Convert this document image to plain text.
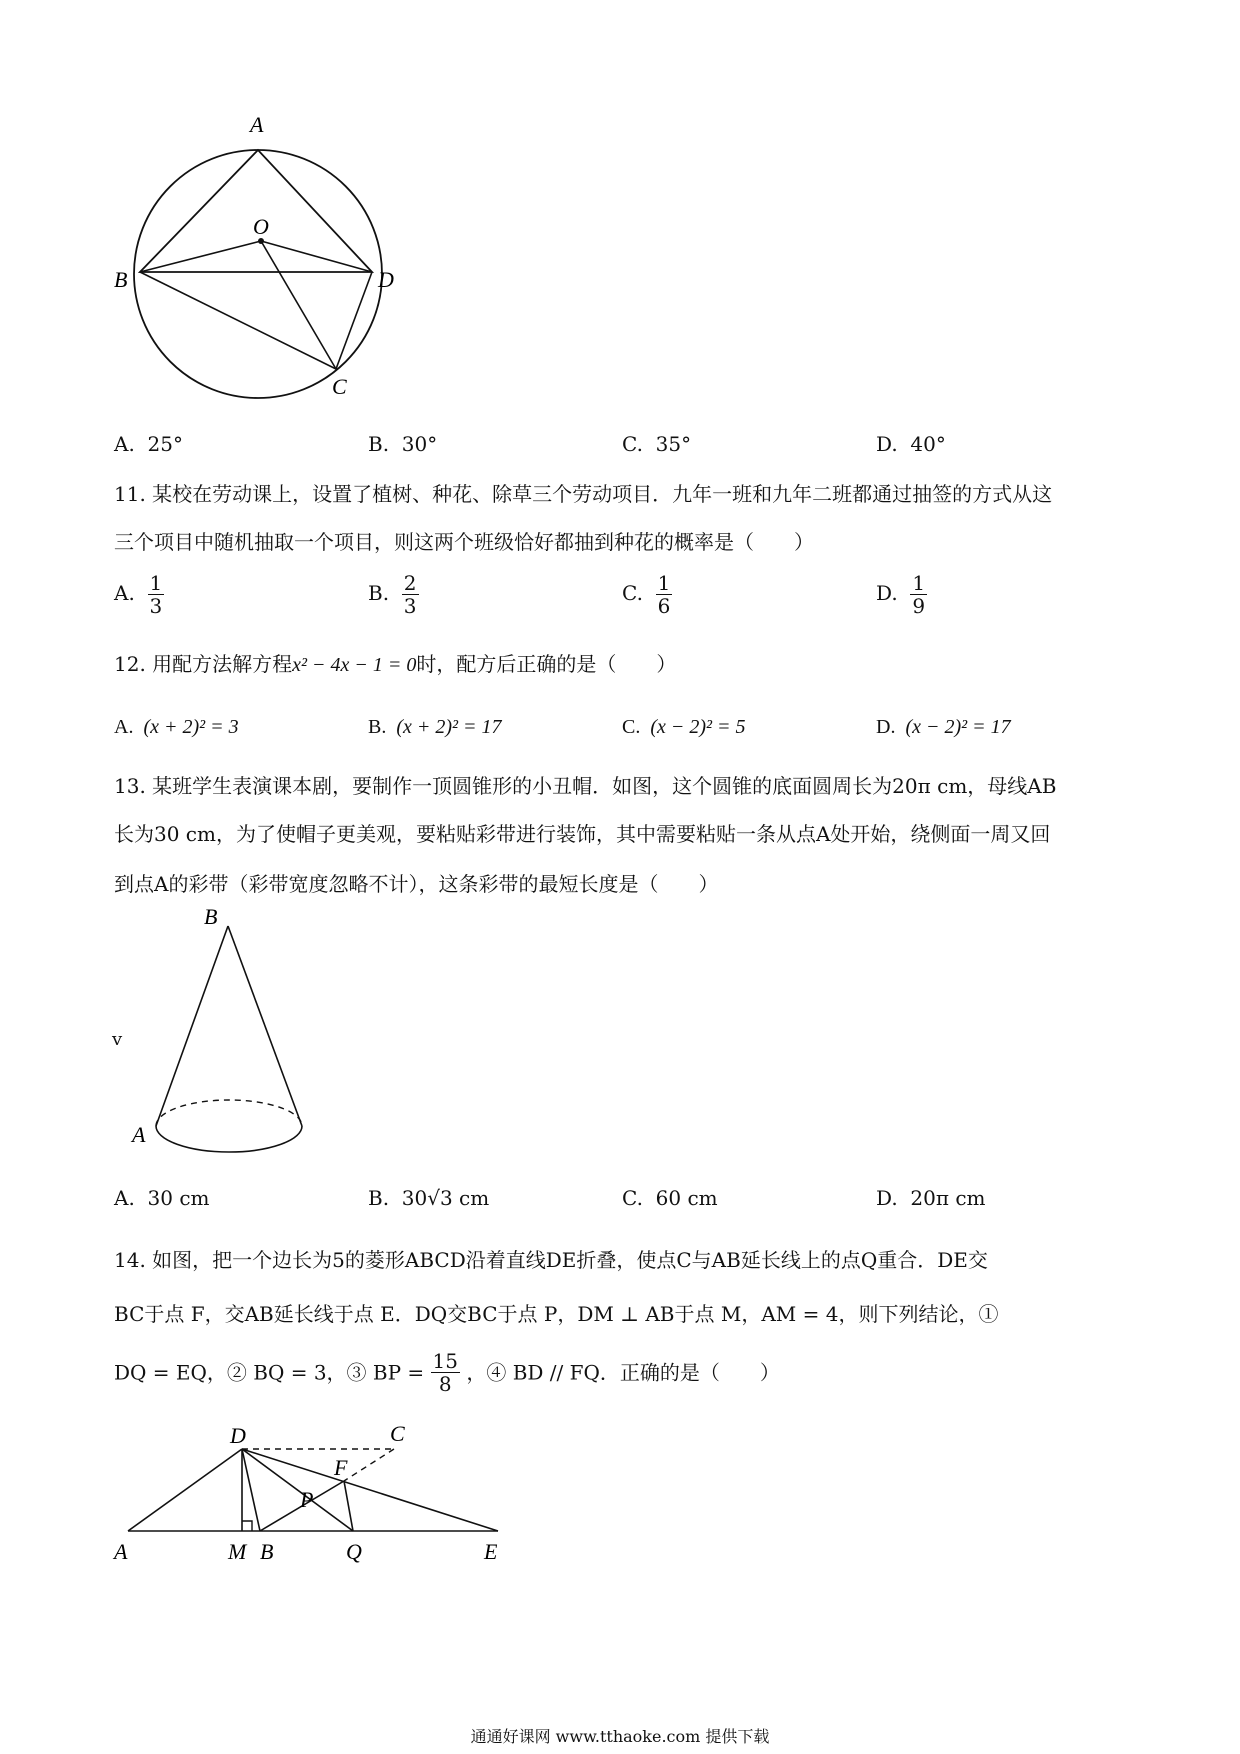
A
O
B	D
C
A. 25°	B. 30°	C. 35°	D. 40°
11. 某校在劳动课上，设置了植树、种花、除草三个劳动项目．九年一班和九年二班都通过抽签的方式从这
三个项目中随机抽取一个项目，则这两个班级恰好都抽到种花的概率是（　　）
A. $\frac{1}{3}$	B. $\frac{2}{3}$	C. $\frac{1}{6}$	D. $\frac{1}{9}$
12. 用配方法解方程x² − 4x − 1 = 0时，配方后正确的是（　　）
A. (x + 2)² = 3	B. (x + 2)² = 17	C. (x − 2)² = 5	D. (x − 2)² = 17
13. 某班学生表演课本剧，要制作一顶圆锥形的小丑帽．如图，这个圆锥的底面圆周长为20π cm，母线AB
长为30 cm，为了使帽子更美观，要粘贴彩带进行装饰，其中需要粘贴一条从点A处开始，绕侧面一周又回
到点A的彩带（彩带宽度忽略不计），这条彩带的最短长度是（　　）
v
B
A
A. 30 cm	B. 30√3 cm	C. 60 cm	D. 20π cm
14. 如图，把一个边长为5的菱形ABCD沿着直线DE折叠，使点C与AB延长线上的点Q重合．DE交
BC于点 F，交AB延长线于点 E．DQ交BC于点 P，DM ⊥ AB于点 M，AM = 4，则下列结论，①
DQ = EQ，② BQ = 3，③ BP = $\frac{15}{8}$ ，④ BD // FQ．正确的是（　　）
D	C
F
P
A	M B	Q	E
通通好课网 www.tthaoke.com 提供下载
